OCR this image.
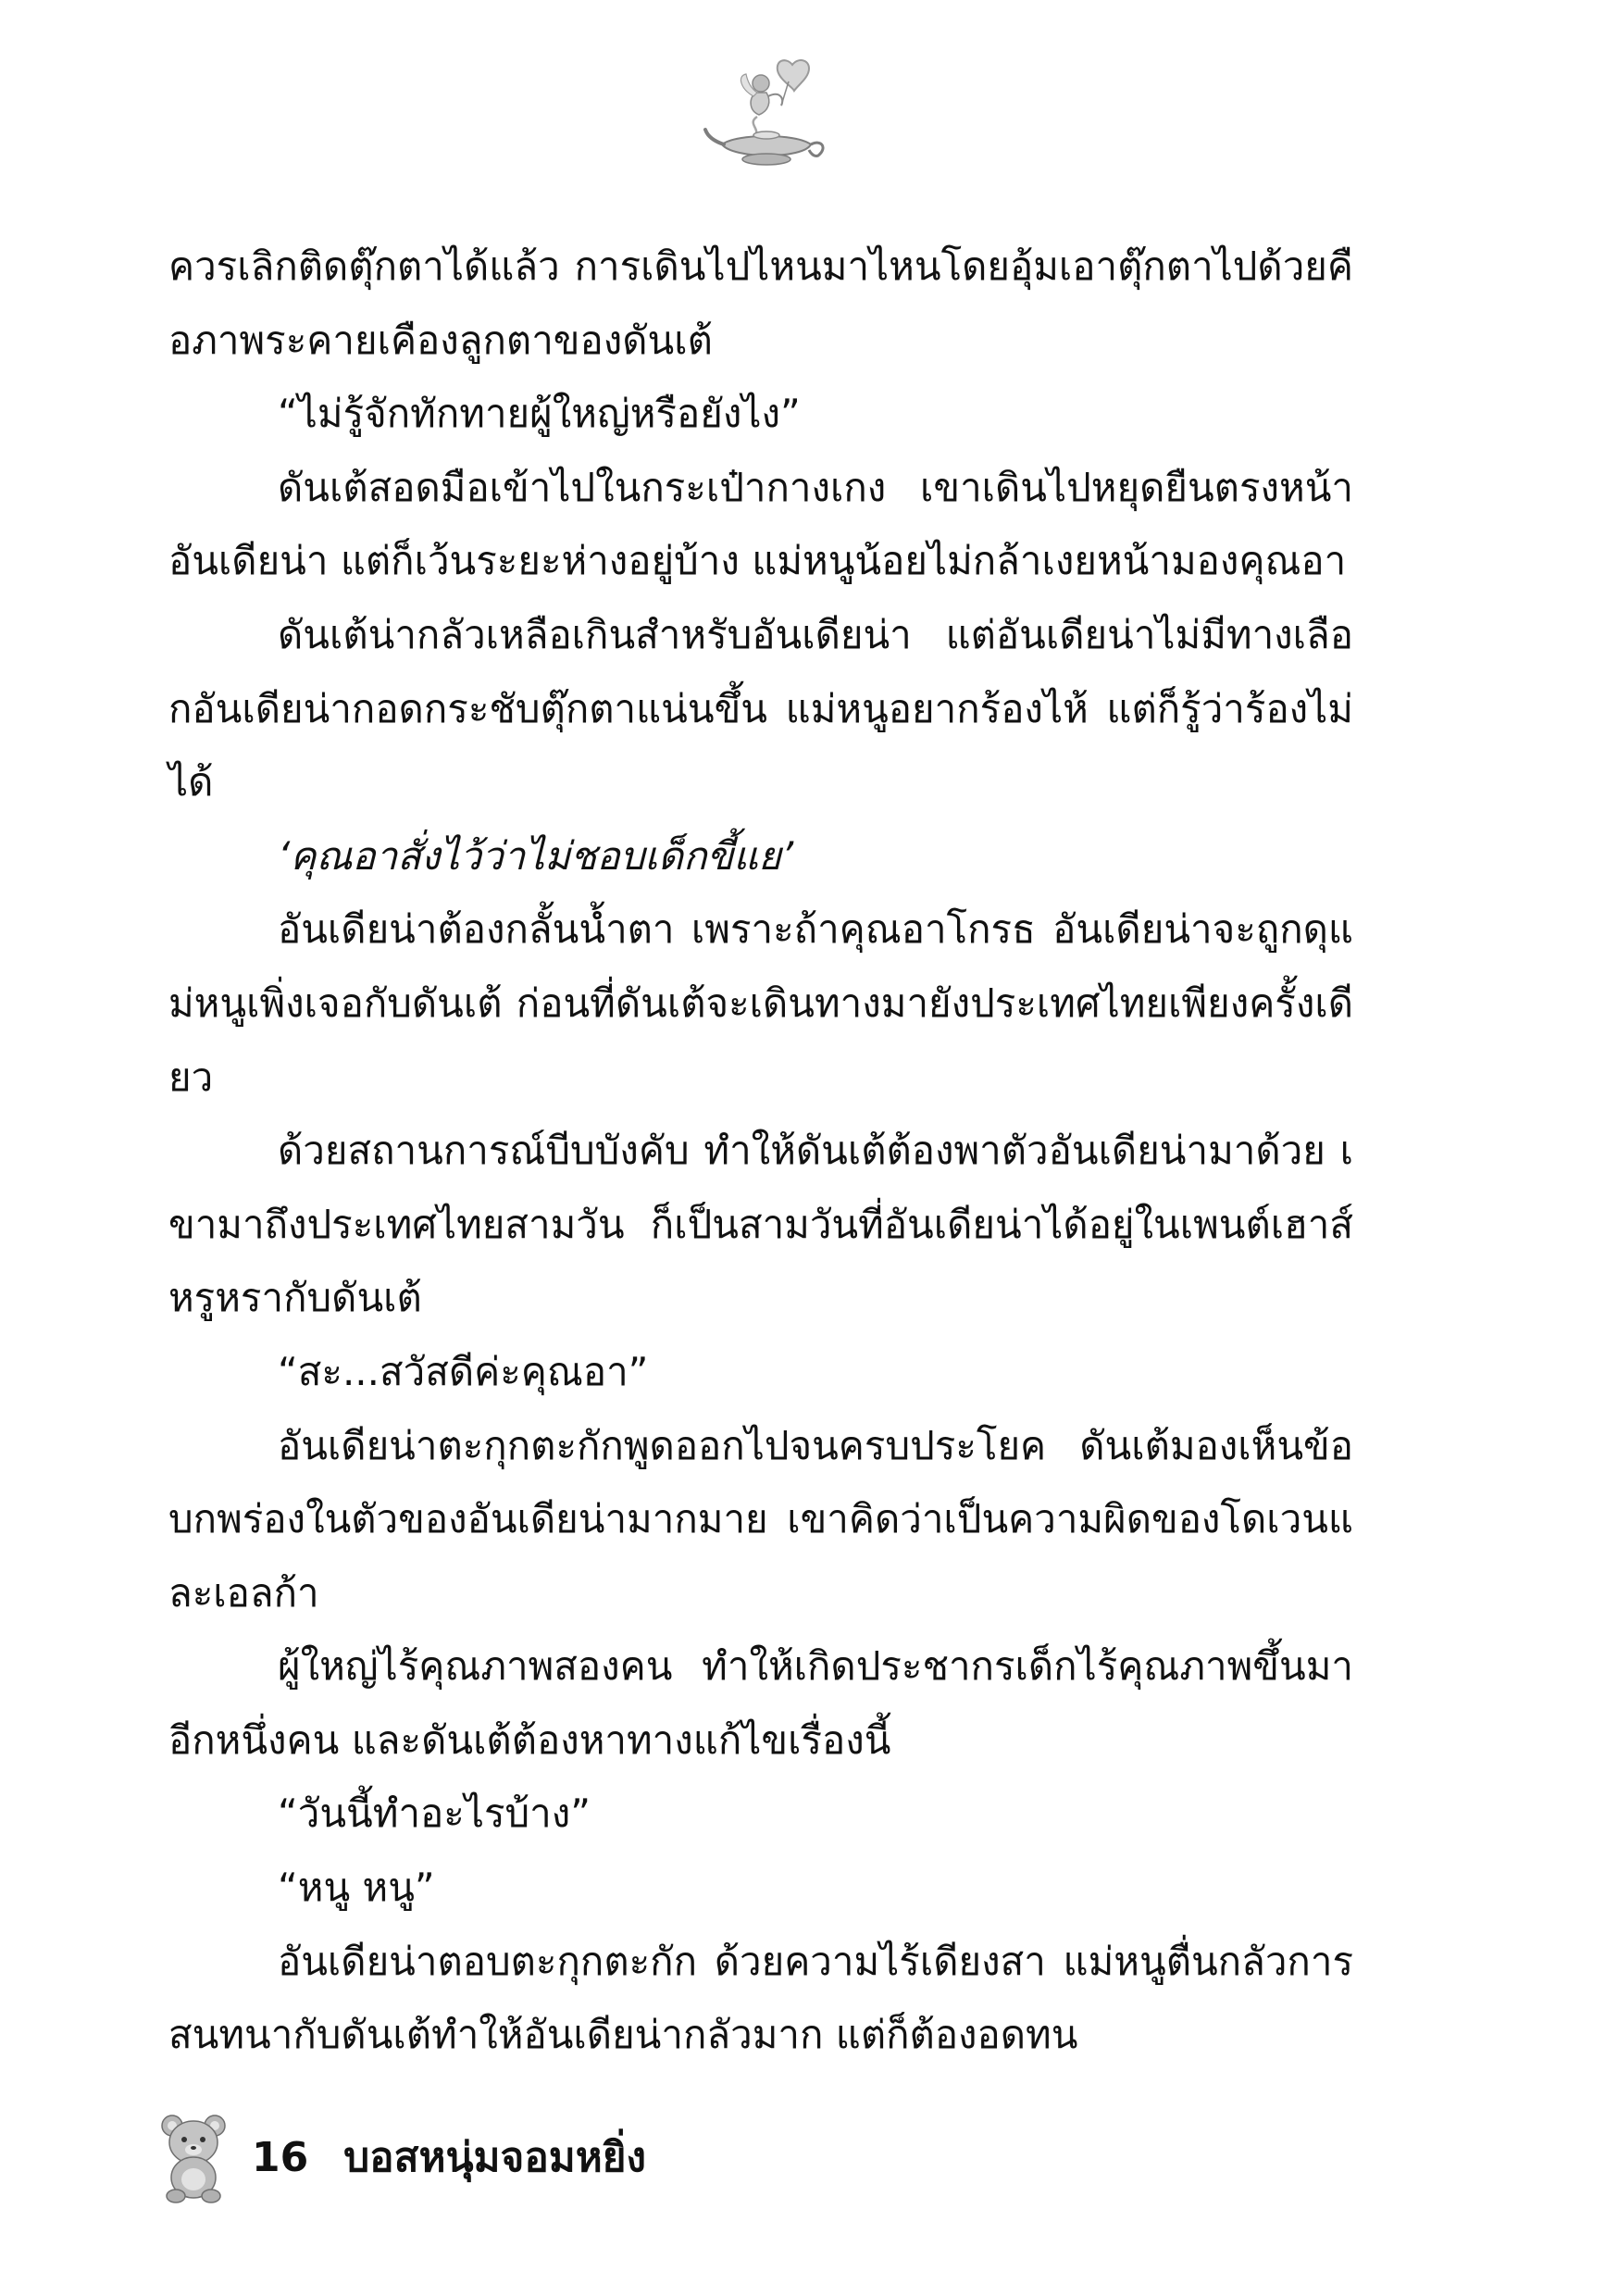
ควรเลิกติดตุ๊กตาได้แล้ว การเดินไปไหนมาไหนโดยอุ้มเอาตุ๊กตาไปด้วยคือภาพระคายเคืองลูกตาของดันเต้

“ไม่รู้จักทักทายผู้ใหญ่หรือยังไง”

ดันเต้สอดมือเข้าไปในกระเป๋ากางเกง เขาเดินไปหยุดยืนตรงหน้าอันเดียน่า แต่ก็เว้นระยะห่างอยู่บ้าง แม่หนูน้อยไม่กล้าเงยหน้ามองคุณอา

ดันเต้น่ากลัวเหลือเกินสำหรับอันเดียน่า แต่อันเดียน่าไม่มีทางเลือกอันเดียน่ากอดกระชับตุ๊กตาแน่นขึ้น แม่หนูอยากร้องไห้ แต่ก็รู้ว่าร้องไม่ได้

‘คุณอาสั่งไว้ว่าไม่ชอบเด็กขี้แย’

อันเดียน่าต้องกลั้นน้ำตา เพราะถ้าคุณอาโกรธ อันเดียน่าจะถูกดุแม่หนูเพิ่งเจอกับดันเต้ ก่อนที่ดันเต้จะเดินทางมายังประเทศไทยเพียงครั้งเดียว

ด้วยสถานการณ์บีบบังคับ ทำให้ดันเต้ต้องพาตัวอันเดียน่ามาด้วย เขามาถึงประเทศไทยสามวัน ก็เป็นสามวันที่อันเดียน่าได้อยู่ในเพนต์เฮาส์หรูหรากับดันเต้

“สะ...สวัสดีค่ะคุณอา”

อันเดียน่าตะกุกตะกักพูดออกไปจนครบประโยค ดันเต้มองเห็นข้อบกพร่องในตัวของอันเดียน่ามากมาย เขาคิดว่าเป็นความผิดของโดเวนและเอลก้า

ผู้ใหญ่ไร้คุณภาพสองคน ทำให้เกิดประชากรเด็กไร้คุณภาพขึ้นมาอีกหนึ่งคน และดันเต้ต้องหาทางแก้ไขเรื่องนี้

“วันนี้ทำอะไรบ้าง”

“หนู หนู”

อันเดียน่าตอบตะกุกตะกัก ด้วยความไร้เดียงสา แม่หนูตื่นกลัวการสนทนากับดันเต้ทำให้อันเดียน่ากลัวมาก แต่ก็ต้องอดทน

16 บอสหนุ่มจอมหยิ่ง
